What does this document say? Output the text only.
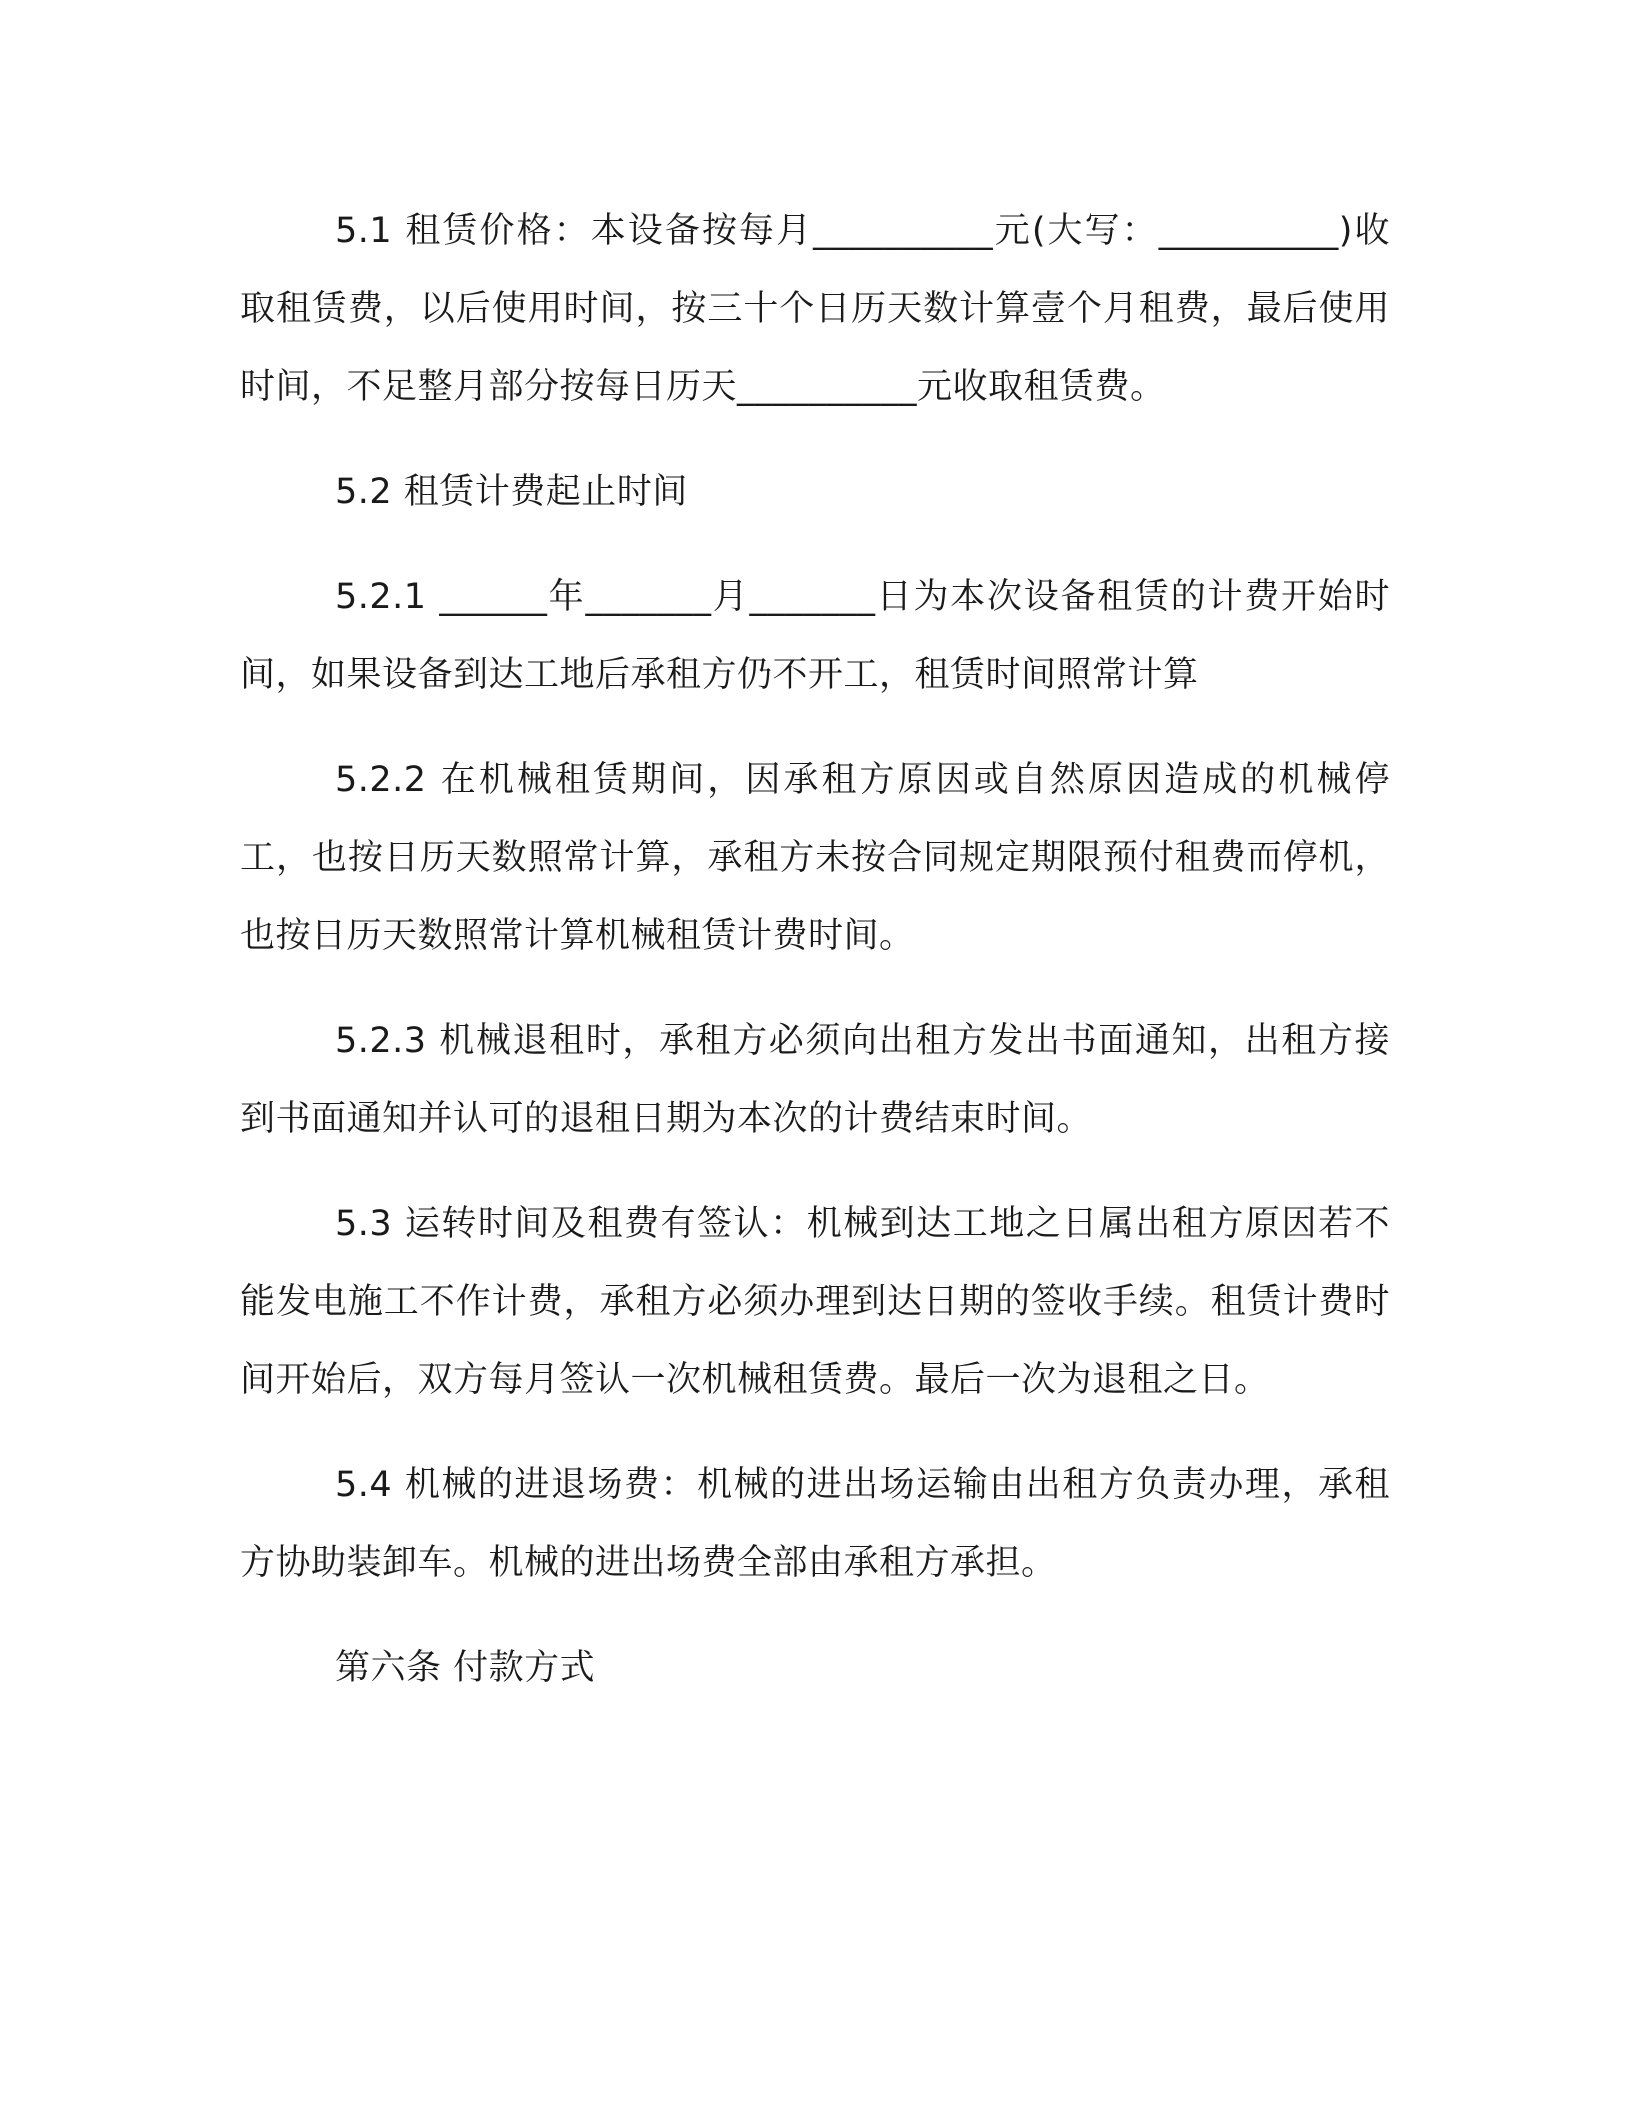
5.1 租赁价格：本设备按每月__________元(大写：__________)收取租赁费，以后使用时间，按三十个日历天数计算壹个月租费，最后使用时间，不足整月部分按每日历天__________元收取租赁费。

5.2 租赁计费起止时间

5.2.1 ______年_______月_______日为本次设备租赁的计费开始时间，如果设备到达工地后承租方仍不开工，租赁时间照常计算

5.2.2 在机械租赁期间，因承租方原因或自然原因造成的机械停工，也按日历天数照常计算，承租方未按合同规定期限预付租费而停机，也按日历天数照常计算机械租赁计费时间。

5.2.3 机械退租时，承租方必须向出租方发出书面通知，出租方接到书面通知并认可的退租日期为本次的计费结束时间。

5.3 运转时间及租费有签认：机械到达工地之日属出租方原因若不能发电施工不作计费，承租方必须办理到达日期的签收手续。租赁计费时间开始后，双方每月签认一次机械租赁费。最后一次为退租之日。

5.4 机械的进退场费：机械的进出场运输由出租方负责办理，承租方协助装卸车。机械的进出场费全部由承租方承担。

第六条 付款方式
